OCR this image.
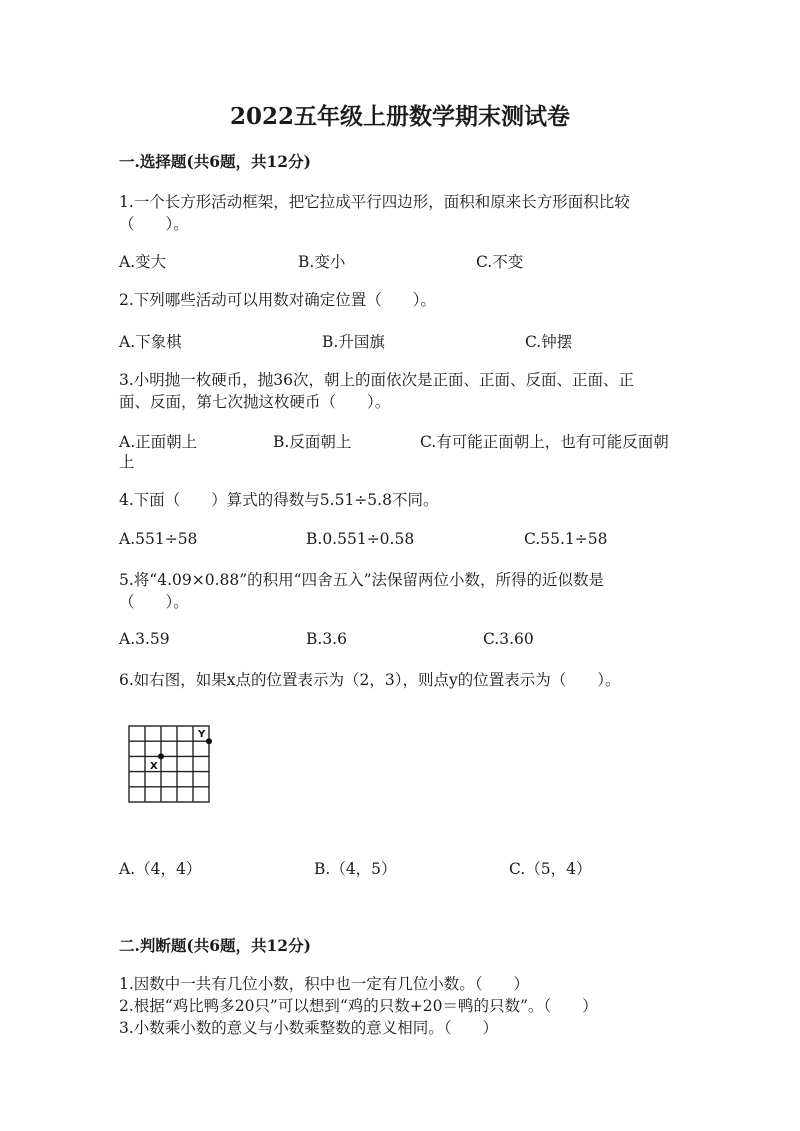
2022五年级上册数学期末测试卷
一.选择题(共6题，共12分)
1.一个长方形活动框架，把它拉成平行四边形，面积和原来长方形面积比较
（　　）。
A.变大	B.变小	C.不变
2.下列哪些活动可以用数对确定位置（　　）。
A.下象棋	B.升国旗	C.钟摆
3.小明抛一枚硬币，抛36次，朝上的面依次是正面、正面、反面、正面、正
面、反面，第七次抛这枚硬币（　　）。
A.正面朝上	B.反面朝上	C.有可能正面朝上，也有可能反面朝
上
4.下面（　　）算式的得数与5.51÷5.8不同。
A.551÷58	B.0.551÷0.58	C.55.1÷58
5.将“4.09×0.88”的积用“四舍五入”法保留两位小数，所得的近似数是
（　　）。
A.3.59	B.3.6	C.3.60
6.如右图，如果x点的位置表示为（2，3），则点y的位置表示为（　　）。
X
Y
A.（4，4）	B.（4，5）	C.（5，4）
二.判断题(共6题，共12分)
1.因数中一共有几位小数，积中也一定有几位小数。（　　）
2.根据“鸡比鸭多20只”可以想到“鸡的只数+20＝鸭的只数”。（　　）
3.小数乘小数的意义与小数乘整数的意义相同。（　　）
